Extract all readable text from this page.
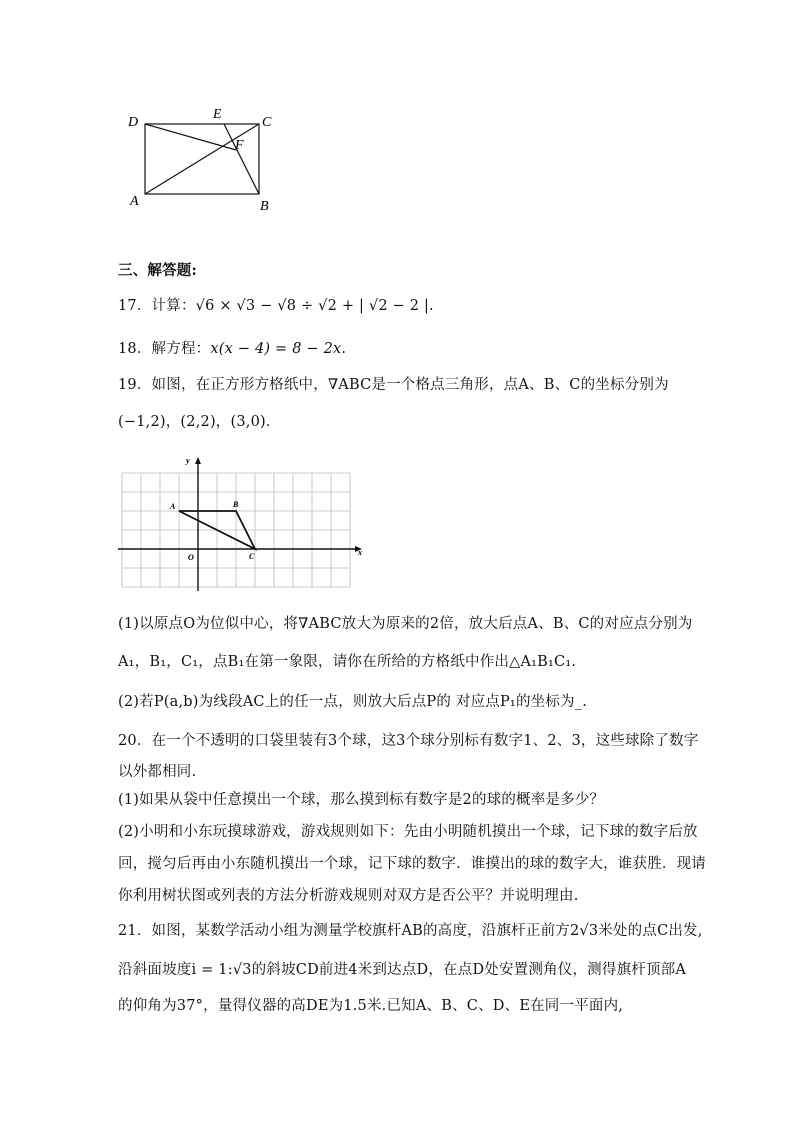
D
E
C
F
A	B
三、解答题:
17．计算：√6 × √3 − √8 ÷ √2 + | √2 − 2 |.
18．解方程：x(x − 4) = 8 − 2x.
19．如图，在正方形方格纸中，∇ABC是一个格点三角形，点A、B、C的坐标分别为
(−1,2)，(2,2)，(3,0)．
y
x
A	B
O	C
(1)以原点O为位似中心，将∇ABC放大为原来的2倍，放大后点A、B、C的对应点分别为
A₁，B₁，C₁，点B₁在第一象限，请你在所给的方格纸中作出△A₁B₁C₁.
(2)若P(a,b)为线段AC上的任一点，则放大后点P的 对应点P₁的坐标为_.
20．在一个不透明的口袋里装有3个球，这3个球分别标有数字1、2、3，这些球除了数字
以外都相同.
(1)如果从袋中任意摸出一个球，那么摸到标有数字是2的球的概率是多少？
(2)小明和小东玩摸球游戏，游戏规则如下：先由小明随机摸出一个球，记下球的数字后放
回，搅匀后再由小东随机摸出一个球，记下球的数字．谁摸出的球的数字大，谁获胜．现请
你利用树状图或列表的方法分析游戏规则对双方是否公平？并说明理由.
21．如图，某数学活动小组为测量学校旗杆AB的高度，沿旗杆正前方2√3米处的点C出发,
沿斜面坡度i = 1:√3的斜坡CD前进4米到达点D，在点D处安置测角仪，测得旗杆顶部A
的仰角为37°，量得仪器的高DE为1.5米.已知A、B、C、D、E在同一平面内,
